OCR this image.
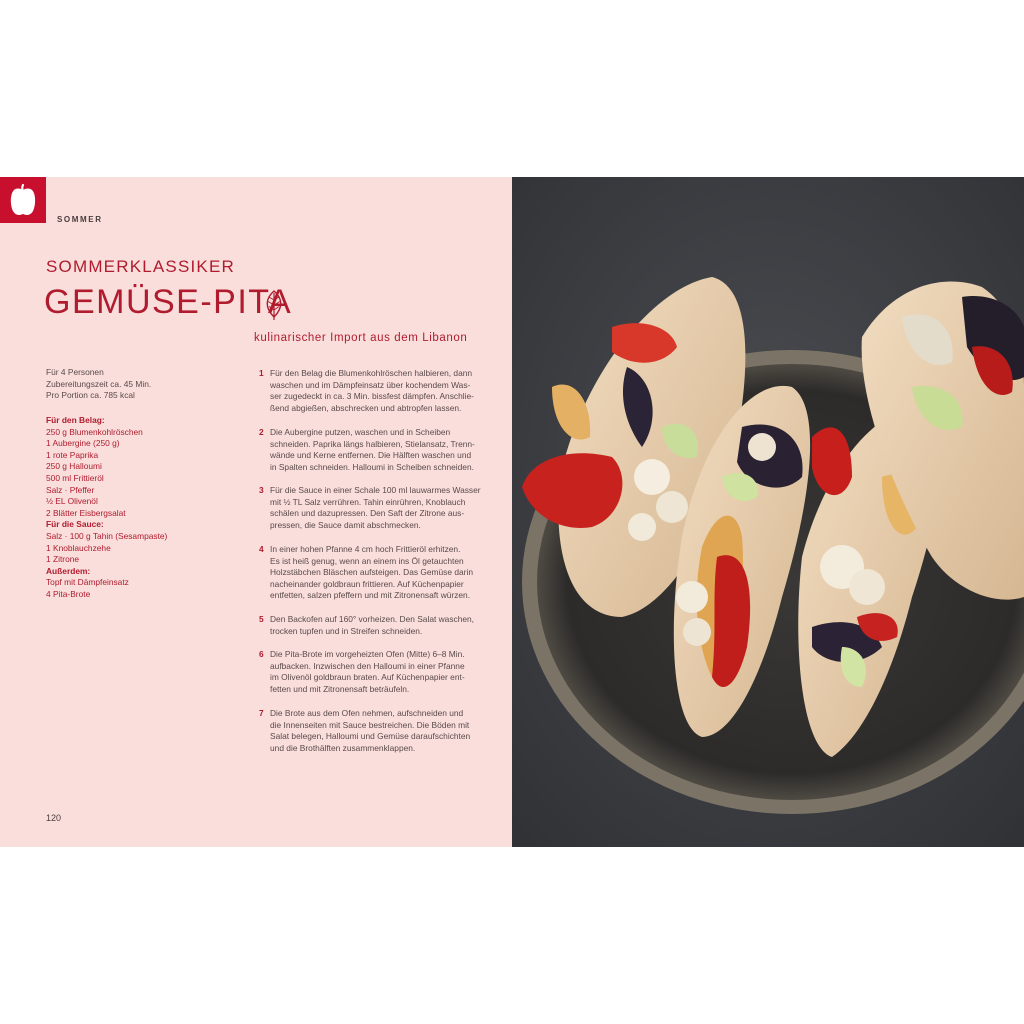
SOMMER
SOMMERKLASSIKER
GEMÜSE-PITA
kulinarischer Import aus dem Libanon
Für 4 Personen
Zubereitungszeit ca. 45 Min.
Pro Portion ca. 785 kcal
Für den Belag:
250 g Blumenkohlröschen
1 Aubergine (250 g)
1 rote Paprika
250 g Halloumi
500 ml Frittieröl
Salz · Pfeffer
½ EL Olivenöl
2 Blätter Eisbergsalat
Für die Sauce:
Salz · 100 g Tahin (Sesampaste)
1 Knoblauchzehe
1 Zitrone
Außerdem:
Topf mit Dämpfeinsatz
4 Pita-Brote
1 Für den Belag die Blumenkohlröschen halbieren, dann
waschen und im Dämpfeinsatz über kochendem Was-
ser zugedeckt in ca. 3 Min. bissfest dämpfen. Anschlie-
ßend abgießen, abschrecken und abtropfen lassen.
2 Die Aubergine putzen, waschen und in Scheiben
schneiden. Paprika längs halbieren, Stielansatz, Trenn-
wände und Kerne entfernen. Die Hälften waschen und
in Spalten schneiden. Halloumi in Scheiben schneiden.
3 Für die Sauce in einer Schale 100 ml lauwarmes Wasser
mit ½ TL Salz verrühren. Tahin einrühren, Knoblauch
schälen und dazupressen. Den Saft der Zitrone aus-
pressen, die Sauce damit abschmecken.
4 In einer hohen Pfanne 4 cm hoch Frittieröl erhitzen.
Es ist heiß genug, wenn an einem ins Öl getauchten
Holzstäbchen Bläschen aufsteigen. Das Gemüse darin
nacheinander goldbraun frittieren. Auf Küchenpapier
entfetten, salzen pfeffern und mit Zitronensaft würzen.
5 Den Backofen auf 160° vorheizen. Den Salat waschen,
trocken tupfen und in Streifen schneiden.
6 Die Pita-Brote im vorgeheizten Ofen (Mitte) 6–8 Min.
aufbacken. Inzwischen den Halloumi in einer Pfanne
im Olivenöl goldbraun braten. Auf Küchenpapier ent-
fetten und mit Zitronensaft beträufeln.
7 Die Brote aus dem Ofen nehmen, aufschneiden und
die Innenseiten mit Sauce bestreichen. Die Böden mit
Salat belegen, Halloumi und Gemüse daraufschichten
und die Brothälften zusammenklappen.
120
